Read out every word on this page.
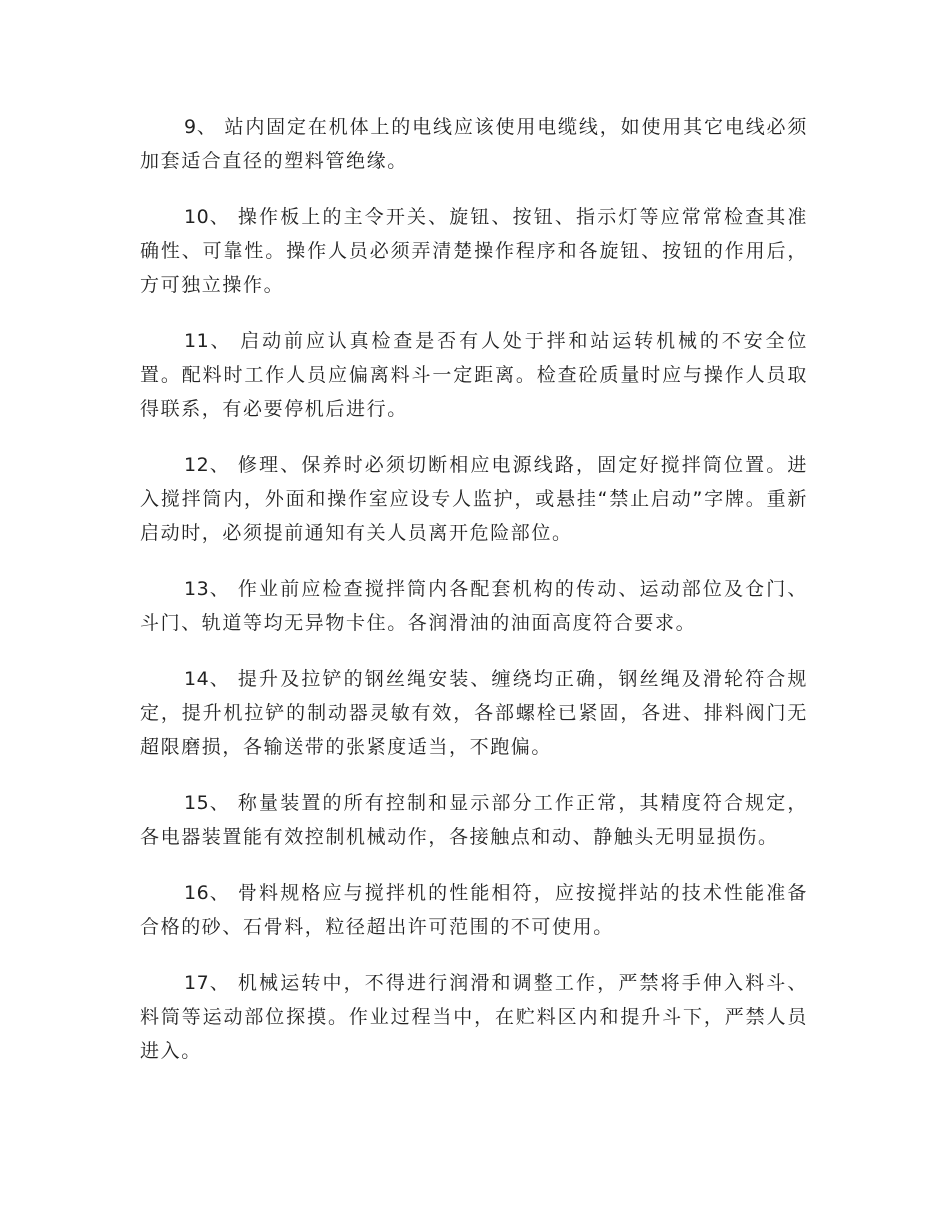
9、 站内固定在机体上的电线应该使用电缆线，如使用其它电线必须加套适合直径的塑料管绝缘。

10、 操作板上的主令开关、旋钮、按钮、指示灯等应常常检查其准确性、可靠性。操作人员必须弄清楚操作程序和各旋钮、按钮的作用后，方可独立操作。

11、 启动前应认真检查是否有人处于拌和站运转机械的不安全位置。配料时工作人员应偏离料斗一定距离。检查砼质量时应与操作人员取得联系，有必要停机后进行。

12、 修理、保养时必须切断相应电源线路，固定好搅拌筒位置。进入搅拌筒内，外面和操作室应设专人监护，或悬挂“禁止启动”字牌。重新启动时，必须提前通知有关人员离开危险部位。

13、 作业前应检查搅拌筒内各配套机构的传动、运动部位及仓门、斗门、轨道等均无异物卡住。各润滑油的油面高度符合要求。

14、 提升及拉铲的钢丝绳安装、缠绕均正确，钢丝绳及滑轮符合规定，提升机拉铲的制动器灵敏有效，各部螺栓已紧固，各进、排料阀门无超限磨损，各输送带的张紧度适当，不跑偏。

15、 称量装置的所有控制和显示部分工作正常，其精度符合规定，各电器装置能有效控制机械动作，各接触点和动、静触头无明显损伤。

16、 骨料规格应与搅拌机的性能相符，应按搅拌站的技术性能准备合格的砂、石骨料，粒径超出许可范围的不可使用。

17、 机械运转中，不得进行润滑和调整工作，严禁将手伸入料斗、料筒等运动部位探摸。作业过程当中，在贮料区内和提升斗下，严禁人员进入。
